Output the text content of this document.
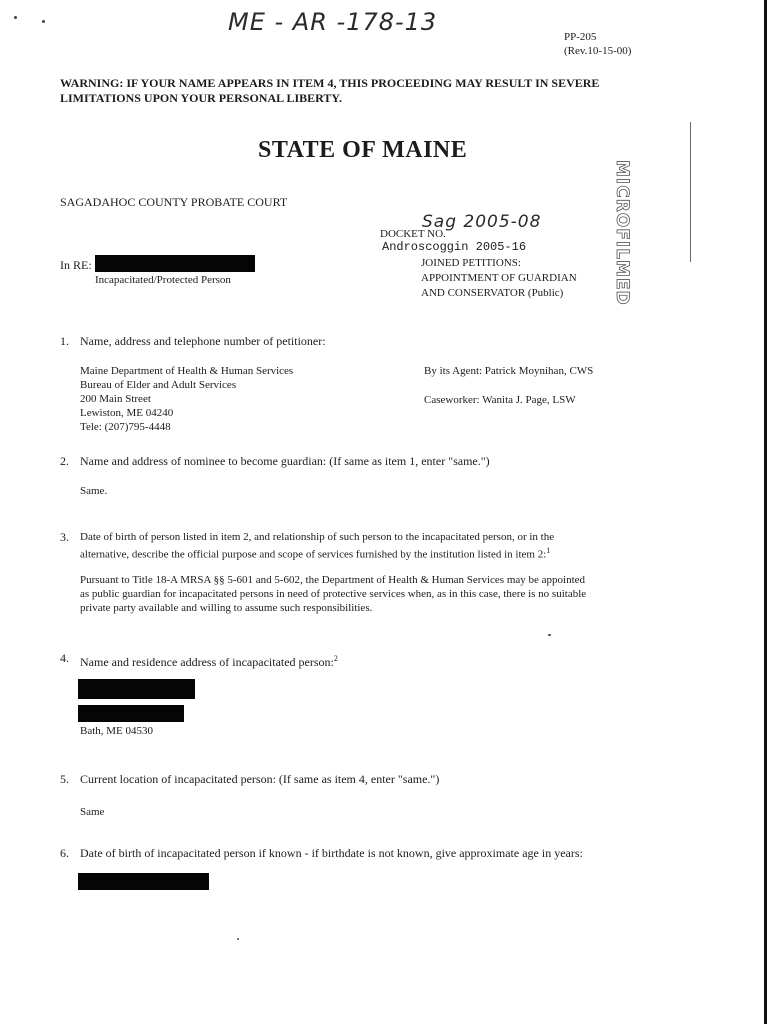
ME - AR -178-13
Sag 2005-08
PP-205
(Rev.10-15-00)
WARNING: IF YOUR NAME APPEARS IN ITEM 4, THIS PROCEEDING MAY RESULT IN SEVERE
LIMITATIONS UPON YOUR PERSONAL LIBERTY.
STATE OF MAINE
MICROFILMED
SAGADAHOC COUNTY PROBATE COURT
DOCKET NO.
Androscoggin 2005-16
In RE:
Incapacitated/Protected Person
JOINED PETITIONS:
APPOINTMENT OF GUARDIAN
AND CONSERVATOR (Public)
1. Name, address and telephone number of petitioner:
Maine Department of Health & Human Services
Bureau of Elder and Adult Services
200 Main Street
Lewiston, ME 04240
Tele: (207)795-4448
By its Agent: Patrick Moynihan, CWS
Caseworker: Wanita J. Page, LSW
2. Name and address of nominee to become guardian: (If same as item 1, enter "same.")
Same.
3. Date of birth of person listed in item 2, and relationship of such person to the incapacitated person, or in the
alternative, describe the official purpose and scope of services furnished by the institution listed in item 2:$^1$
Pursuant to Title 18-A MRSA §§ 5-601 and 5-602, the Department of Health & Human Services may be appointed
as public guardian for incapacitated persons in need of protective services when, as in this case, there is no suitable
private party available and willing to assume such responsibilities.
4. Name and residence address of incapacitated person:$^2$
Bath, ME 04530
5. Current location of incapacitated person: (If same as item 4, enter "same.")
Same
6. Date of birth of incapacitated person if known - if birthdate is not known, give approximate age in years:
